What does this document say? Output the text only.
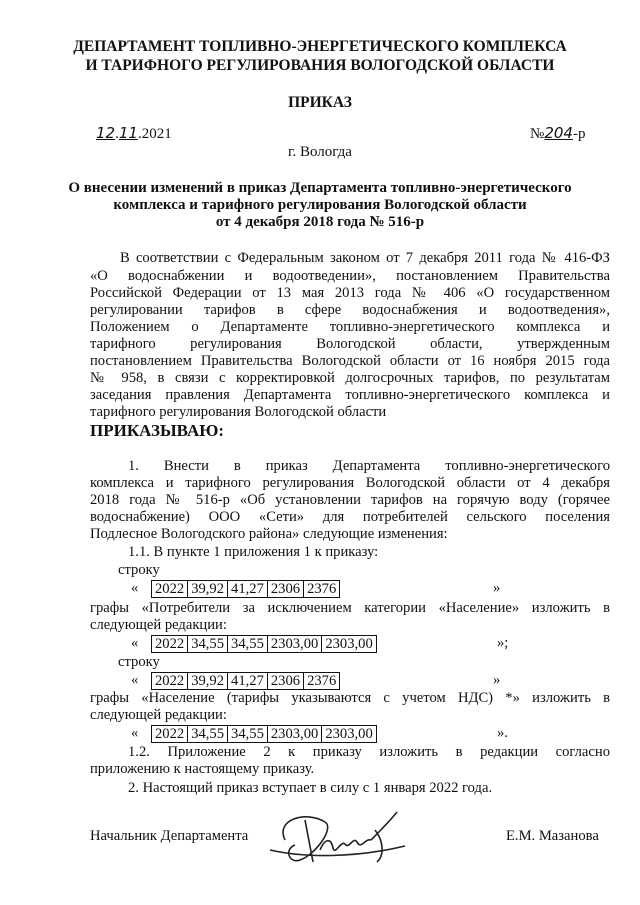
ДЕПАРТАМЕНТ ТОПЛИВНО-ЭНЕРГЕТИЧЕСКОГО КОМПЛЕКСА
И ТАРИФНОГО РЕГУЛИРОВАНИЯ ВОЛОГОДСКОЙ ОБЛАСТИ
ПРИКАЗ
12.11.2021	№204-р
г. Вологда
О внесении изменений в приказ Департамента топливно-энергетического
комплекса и тарифного регулирования Вологодской области
от 4 декабря 2018 года № 516-р
В соответствии с Федеральным законом от 7 декабря 2011 года № 416-ФЗ
«О водоснабжении и водоотведении», постановлением Правительства
Российской Федерации от 13 мая 2013 года № 406 «О государственном
регулировании тарифов в сфере водоснабжения и водоотведения»,
Положением о Департаменте топливно-энергетического комплекса и
тарифного регулирования Вологодской области, утвержденным
постановлением Правительства Вологодской области от 16 ноября 2015 года
№ 958, в связи с корректировкой долгосрочных тарифов, по результатам
заседания правления Департамента топливно-энергетического комплекса и
тарифного регулирования Вологодской области
ПРИКАЗЫВАЮ:
1. Внести в приказ Департамента топливно-энергетического
комплекса и тарифного регулирования Вологодской области от 4 декабря
2018 года № 516-р «Об установлении тарифов на горячую воду (горячее
водоснабжение) ООО «Сети» для потребителей сельского поселения
Подлесное Вологодского района» следующие изменения:
1.1. В пункте 1 приложения 1 к приказу:
строку
« 2022	39,92	41,27	2306	2376	»
графы «Потребители за исключением категории «Население» изложить в
следующей редакции:
« 2022	34,55	34,55	2303,00	2303,00	»;
строку
« 2022	39,92	41,27	2306	2376	»
графы «Население (тарифы указываются с учетом НДС) *» изложить в
следующей редакции:
« 2022	34,55	34,55	2303,00	2303,00	».
1.2. Приложение 2 к приказу изложить в редакции согласно
приложению к настоящему приказу.
2. Настоящий приказ вступает в силу с 1 января 2022 года.
Начальник Департамента	Е.М. Мазанова
